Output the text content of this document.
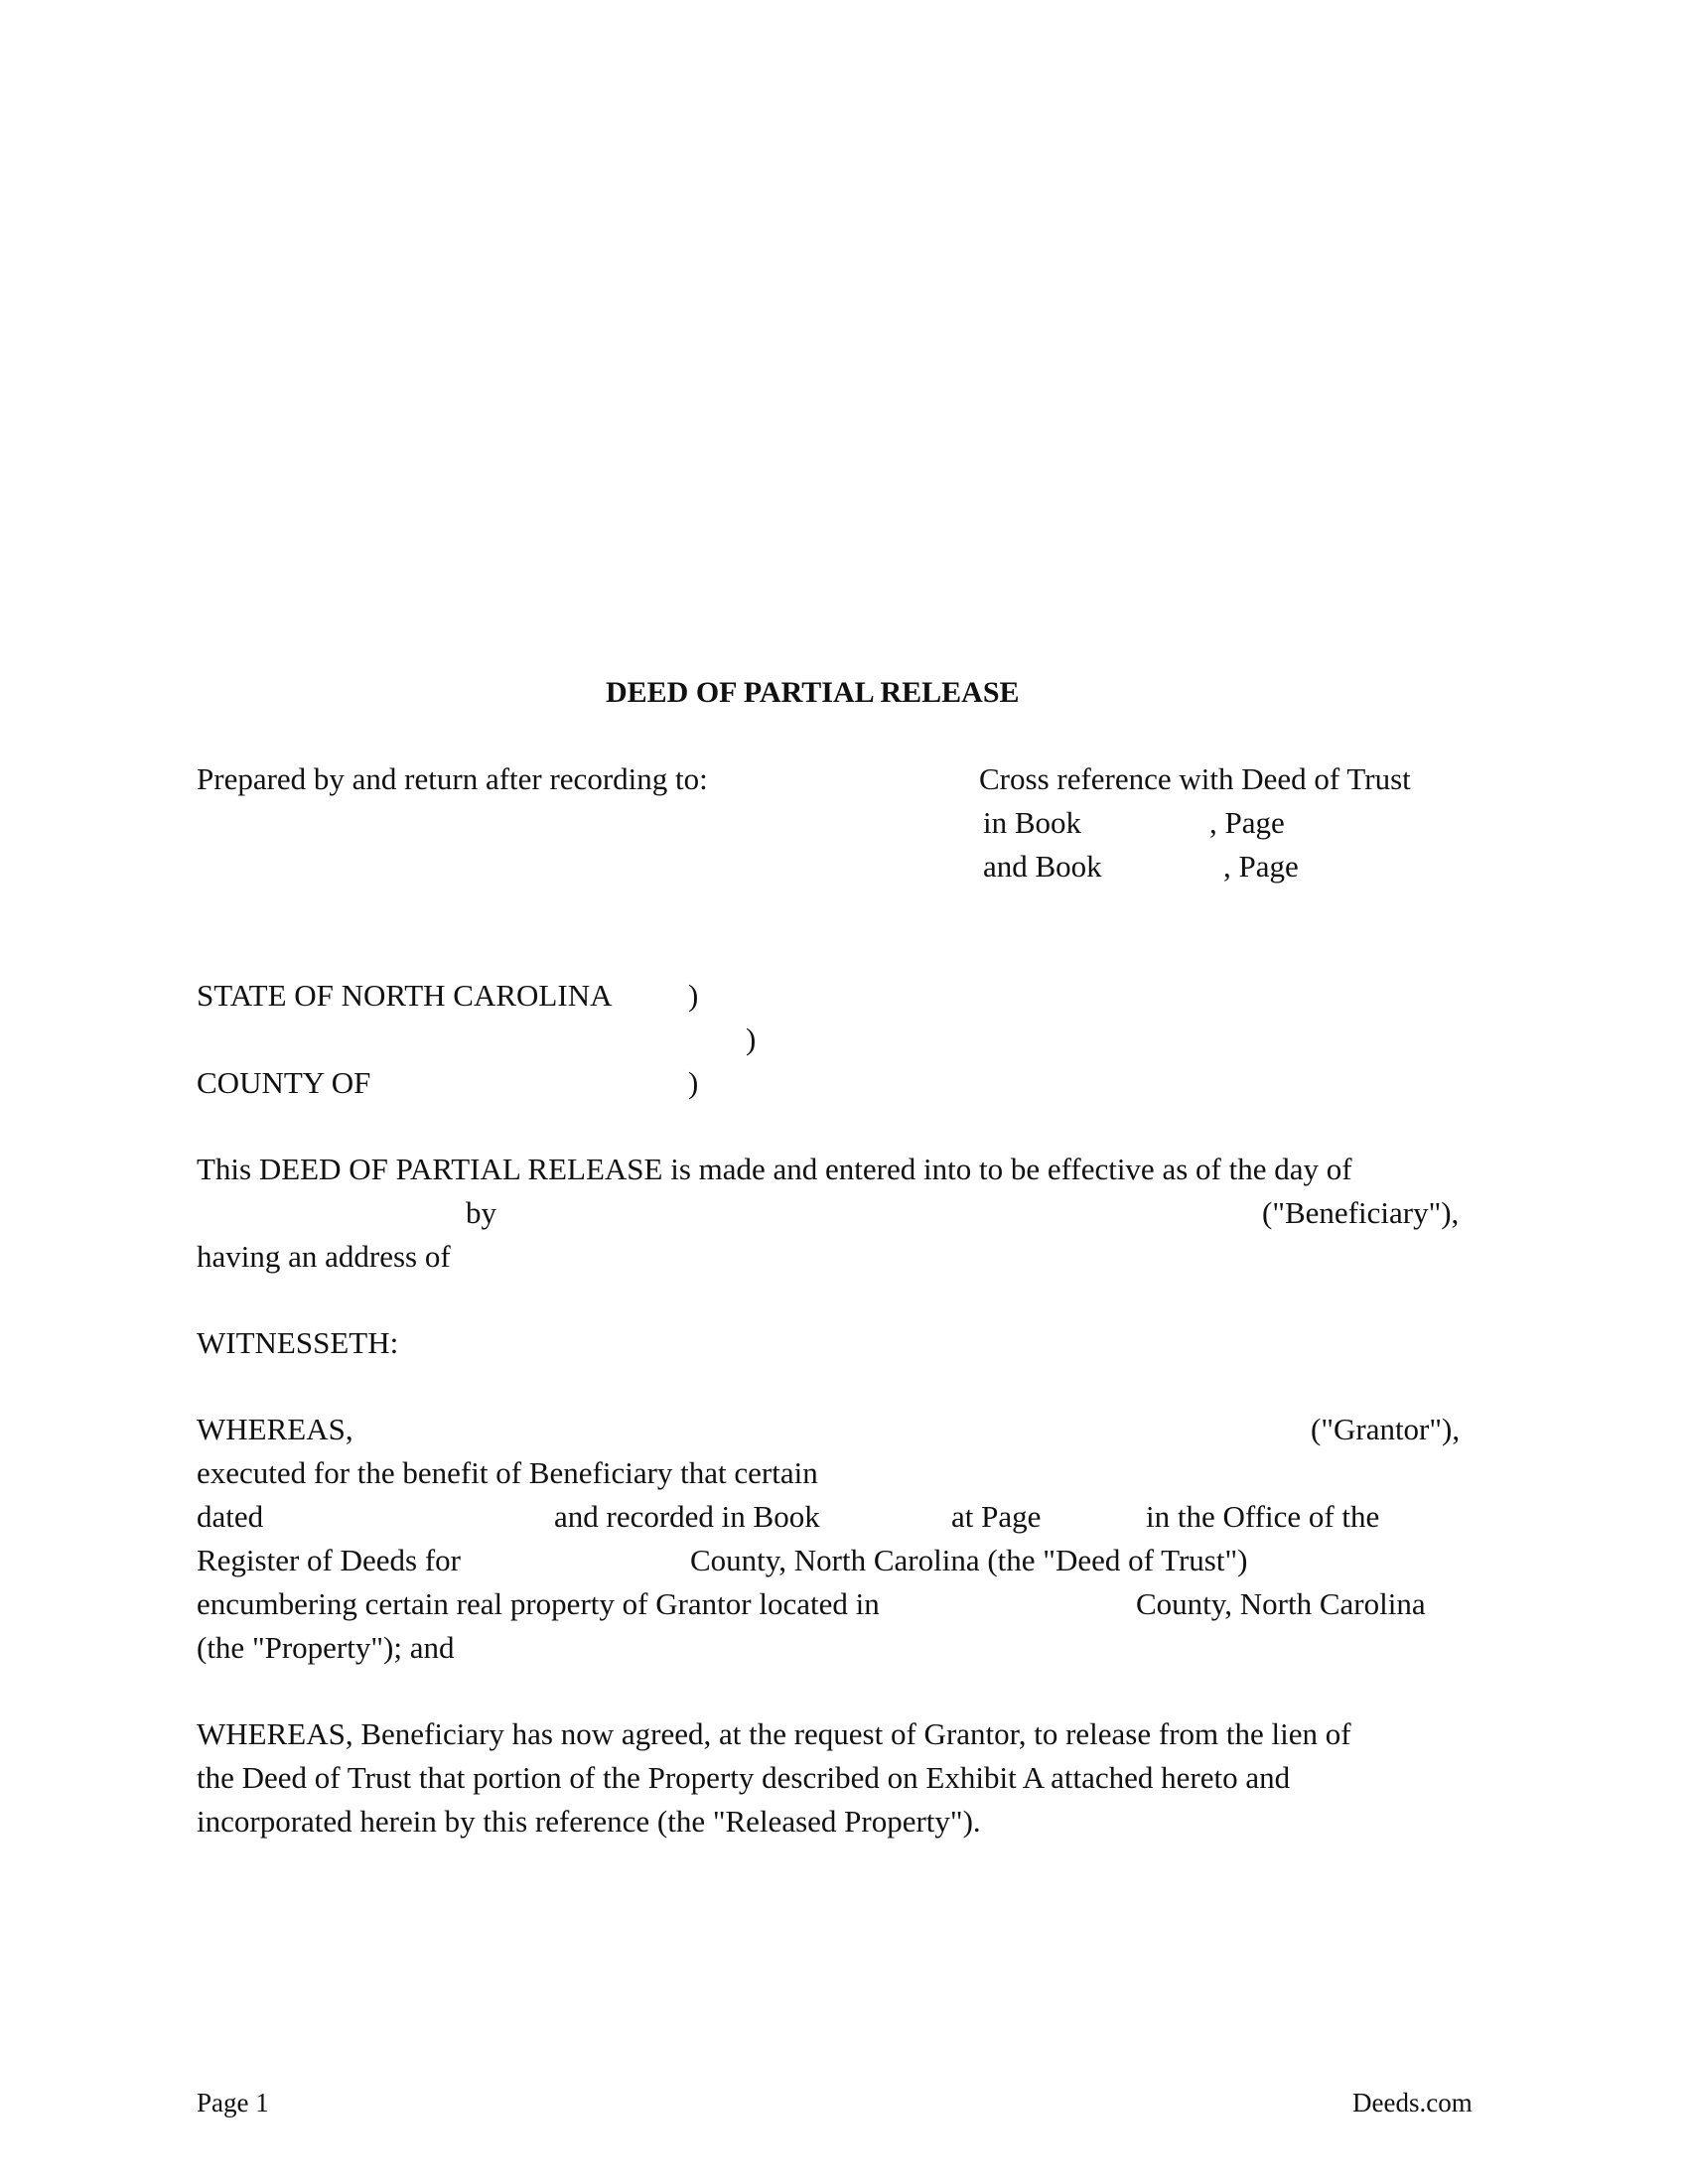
DEED OF PARTIAL RELEASE

Prepared by and return after recording to:	Cross reference with Deed of Trust

in Book	, Page

and Book	, Page

STATE OF NORTH CAROLINA )

)

COUNTY OF	)

This DEED OF PARTIAL RELEASE is made and entered into to be effective as of the day of

by	("Beneficiary"),

having an address of

WITNESSETH:

WHEREAS,	("Grantor"),

executed for the benefit of Beneficiary that certain

dated	and recorded in Book	at Page	in the Office of the

Register of Deeds for	County, North Carolina (the "Deed of Trust")

encumbering certain real property of Grantor located in	County, North Carolina

(the "Property"); and

WHEREAS, Beneficiary has now agreed, at the request of Grantor, to release from the lien of

the Deed of Trust that portion of the Property described on Exhibit A attached hereto and

incorporated herein by this reference (the "Released Property").

Page 1	Deeds.com
